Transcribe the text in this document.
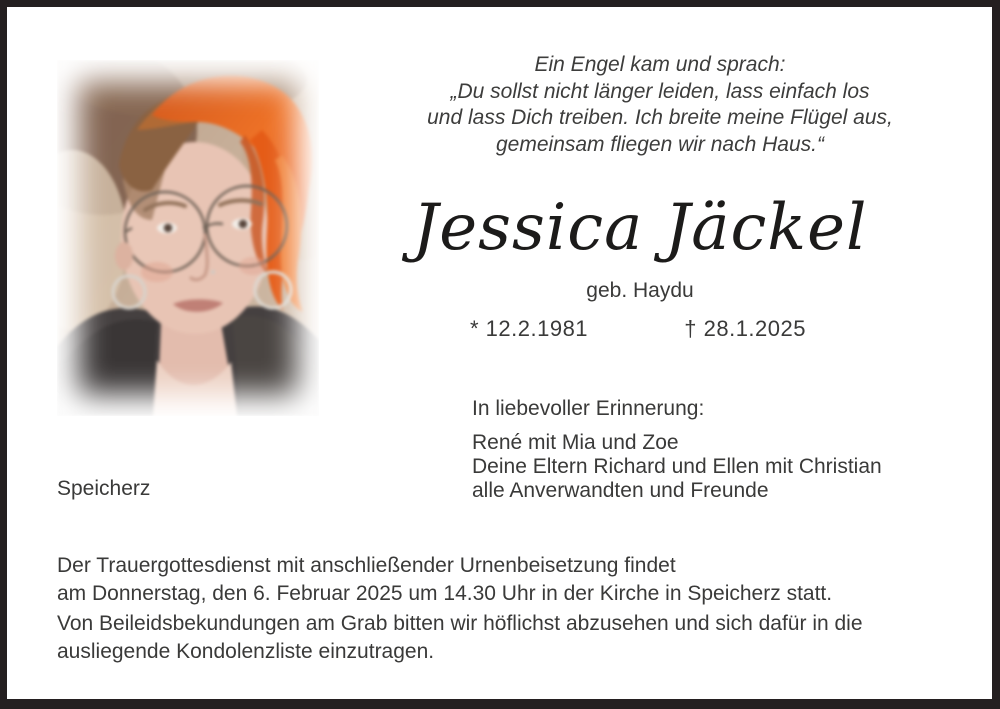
Ein Engel kam und sprach:
„Du sollst nicht länger leiden, lass einfach los
und lass Dich treiben. Ich breite meine Flügel aus,
gemeinsam fliegen wir nach Haus.“
Jessica Jäckel
geb. Haydu
* 12.2.1981	† 28.1.2025
In liebevoller Erinnerung:
René mit Mia und Zoe
Deine Eltern Richard und Ellen mit Christian
alle Anverwandten und Freunde
Speicherz
Der Trauergottesdienst mit anschließender Urnenbeisetzung findet
am Donnerstag, den 6. Februar 2025 um 14.30 Uhr in der Kirche in Speicherz statt.
Von Beileidsbekundungen am Grab bitten wir höflichst abzusehen und sich dafür in die
ausliegende Kondolenzliste einzutragen.
